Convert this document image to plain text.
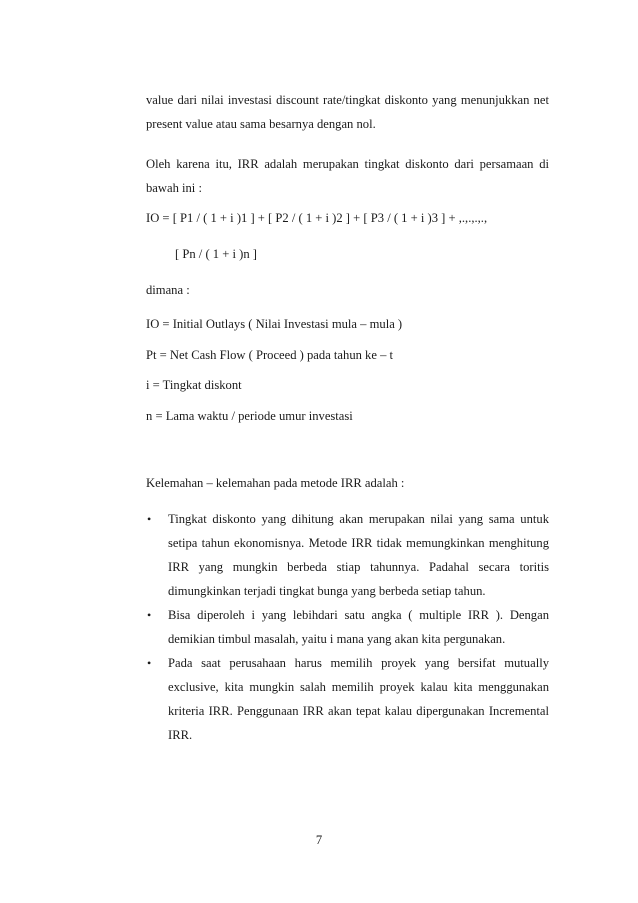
value dari nilai investasi discount rate/tingkat diskonto yang menunjukkan net present value atau sama besarnya dengan nol.

Oleh karena itu, IRR adalah merupakan tingkat diskonto dari persamaan di bawah ini :

IO = [ P1 / ( 1 + i )1 ] + [ P2 / ( 1 + i )2 ] + [ P3 / ( 1 + i )3 ] + ,.,.,.,.,

[ Pn / ( 1 + i )n ]

dimana :

IO = Initial Outlays ( Nilai Investasi mula – mula )

Pt = Net Cash Flow ( Proceed ) pada tahun ke – t

i = Tingkat diskont

n = Lama waktu / periode umur investasi

Kelemahan – kelemahan pada metode IRR adalah :

• Tingkat diskonto yang dihitung akan merupakan nilai yang sama untuk setipa tahun ekonomisnya. Metode IRR tidak memungkinkan menghitung IRR yang mungkin berbeda stiap tahunnya. Padahal secara toritis dimungkinkan terjadi tingkat bunga yang berbeda setiap tahun.
• Bisa diperoleh i yang lebihdari satu angka ( multiple IRR ). Dengan demikian timbul masalah, yaitu i mana yang akan kita pergunakan.
• Pada saat perusahaan harus memilih proyek yang bersifat mutually exclusive, kita mungkin salah memilih proyek kalau kita menggunakan kriteria IRR. Penggunaan IRR akan tepat kalau dipergunakan Incremental IRR.
7
